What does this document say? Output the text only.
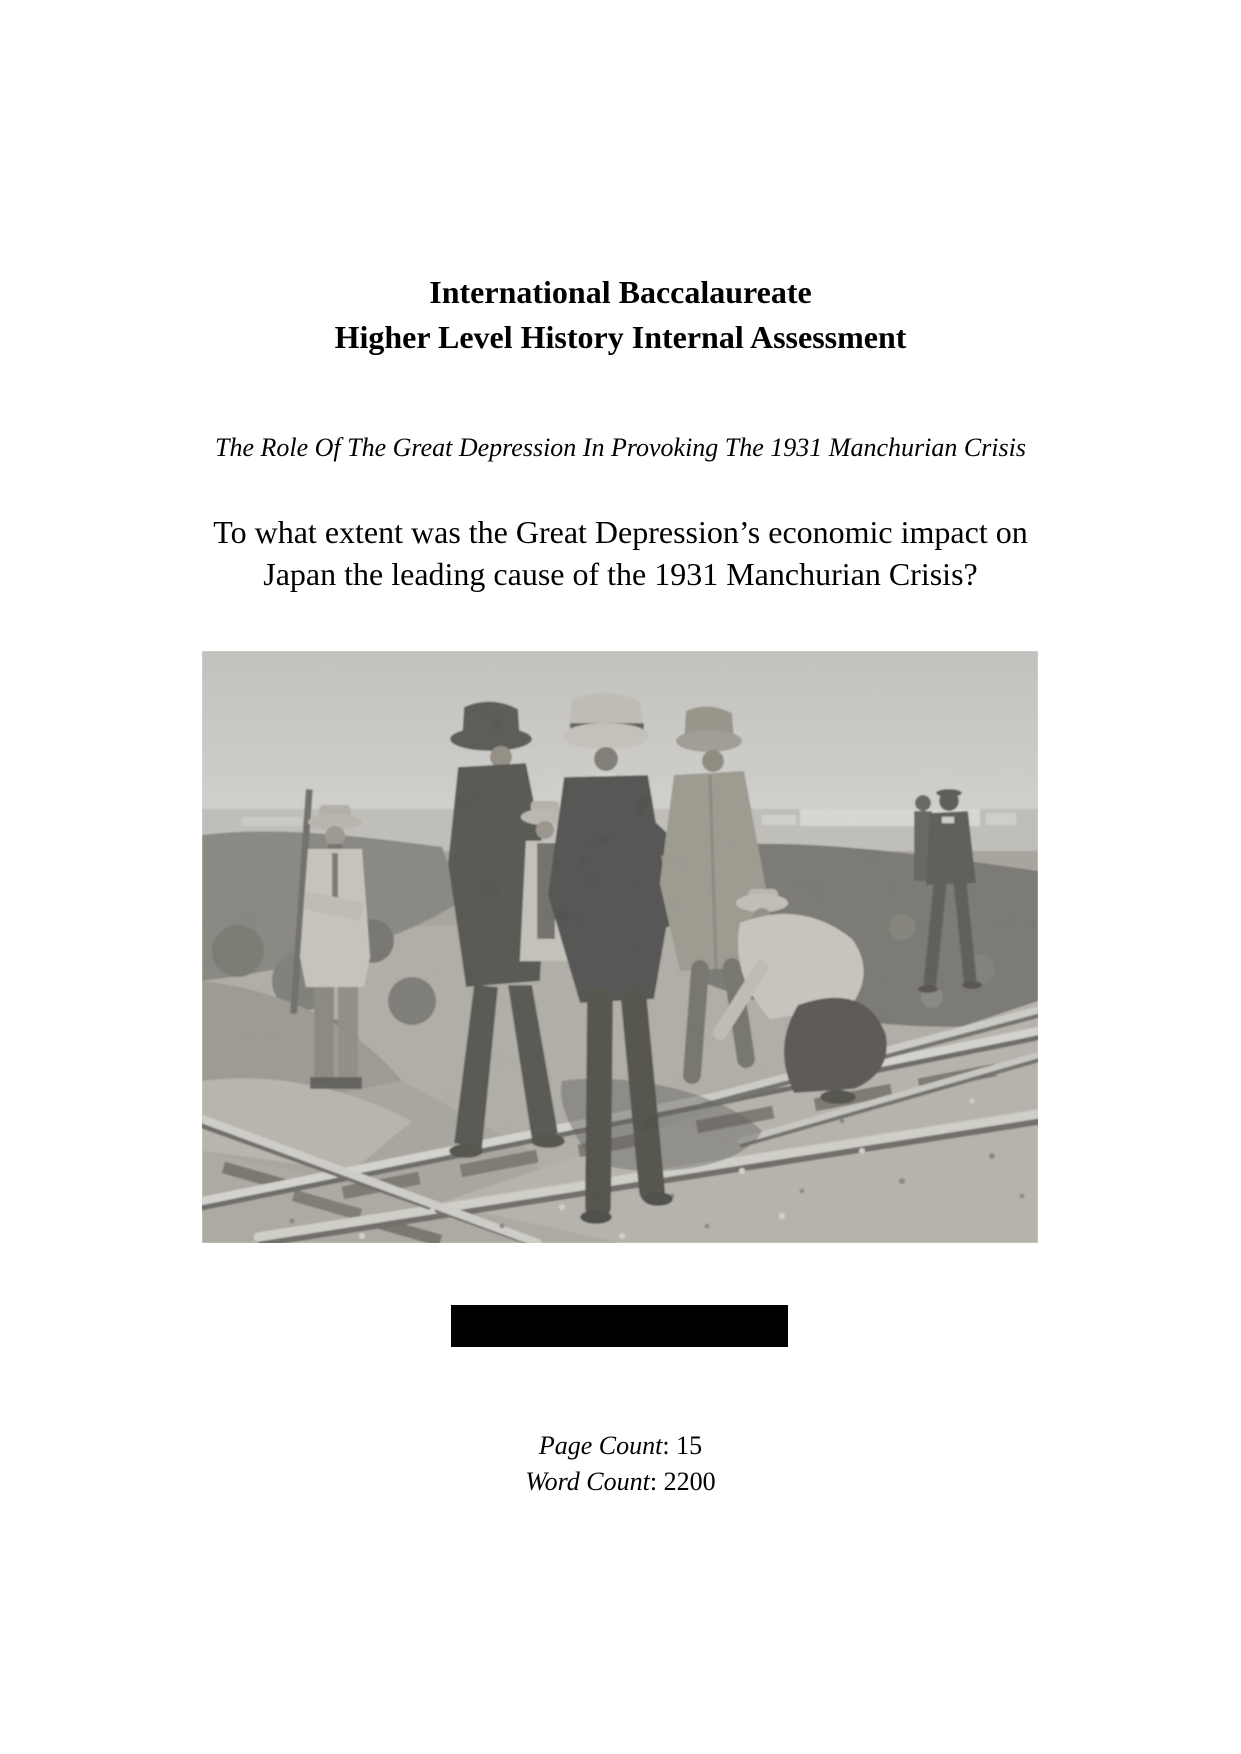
International Baccalaureate
Higher Level History Internal Assessment
The Role Of The Great Depression In Provoking The 1931 Manchurian Crisis
To what extent was the Great Depression’s economic impact on
Japan the leading cause of the 1931 Manchurian Crisis?
Page Count: 15
Word Count: 2200
